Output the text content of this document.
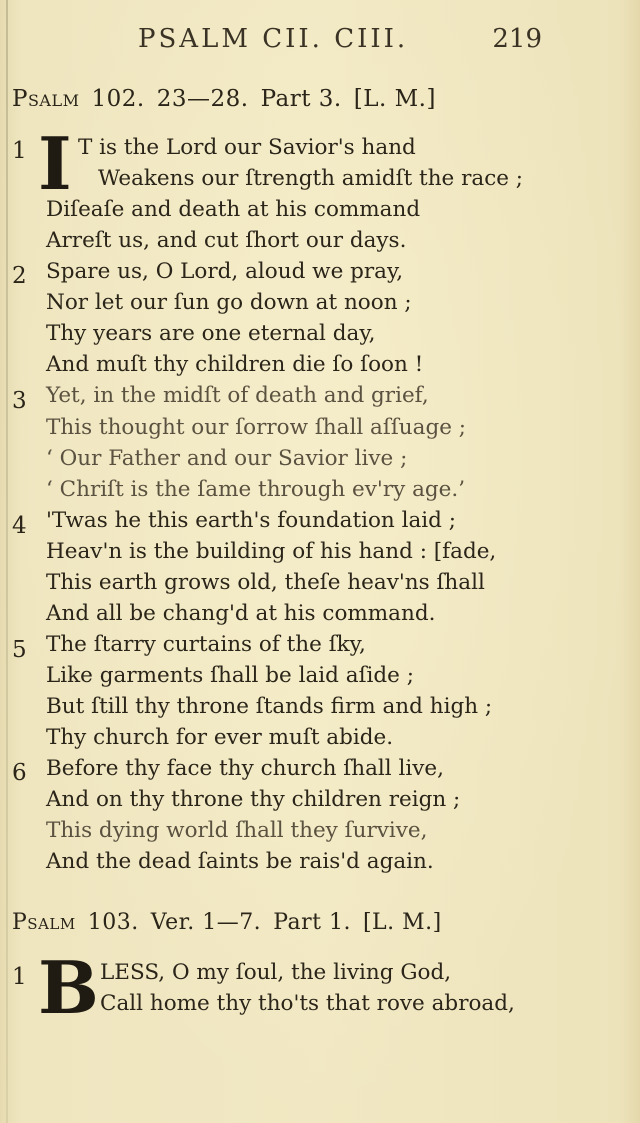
PSALM CII. CIII.	219
Psalm 102. 23—28. Part 3. [L. M.]
1 I T is the Lord our Savior's hand
Weakens our ſtrength amidſt the race ;
Diſeaſe and death at his command
Arreſt us, and cut ſhort our days.
2 Spare us, O Lord, aloud we pray,
Nor let our ſun go down at noon ;
Thy years are one eternal day,
And muſt thy children die ſo ſoon !
3 Yet, in the midſt of death and grief,
This thought our ſorrow ſhall aſſuage ;
‘ Our Father and our Savior live ;
‘ Chriſt is the ſame through ev'ry age.’
4 'Twas he this earth's foundation laid ;
Heav'n is the building of his hand : [fade,
This earth grows old, theſe heav'ns ſhall
And all be chang'd at his command.
5 The ſtarry curtains of the ſky,
Like garments ſhall be laid aſide ;
But ſtill thy throne ſtands firm and high ;
Thy church for ever muſt abide.
6 Before thy face thy church ſhall live,
And on thy throne thy children reign ;
This dying world ſhall they ſurvive,
And the dead ſaints be rais'd again.
Psalm 103. Ver. 1—7. Part 1. [L. M.]
1 B LESS, O my ſoul, the living God,
Call home thy tho'ts that rove abroad,
